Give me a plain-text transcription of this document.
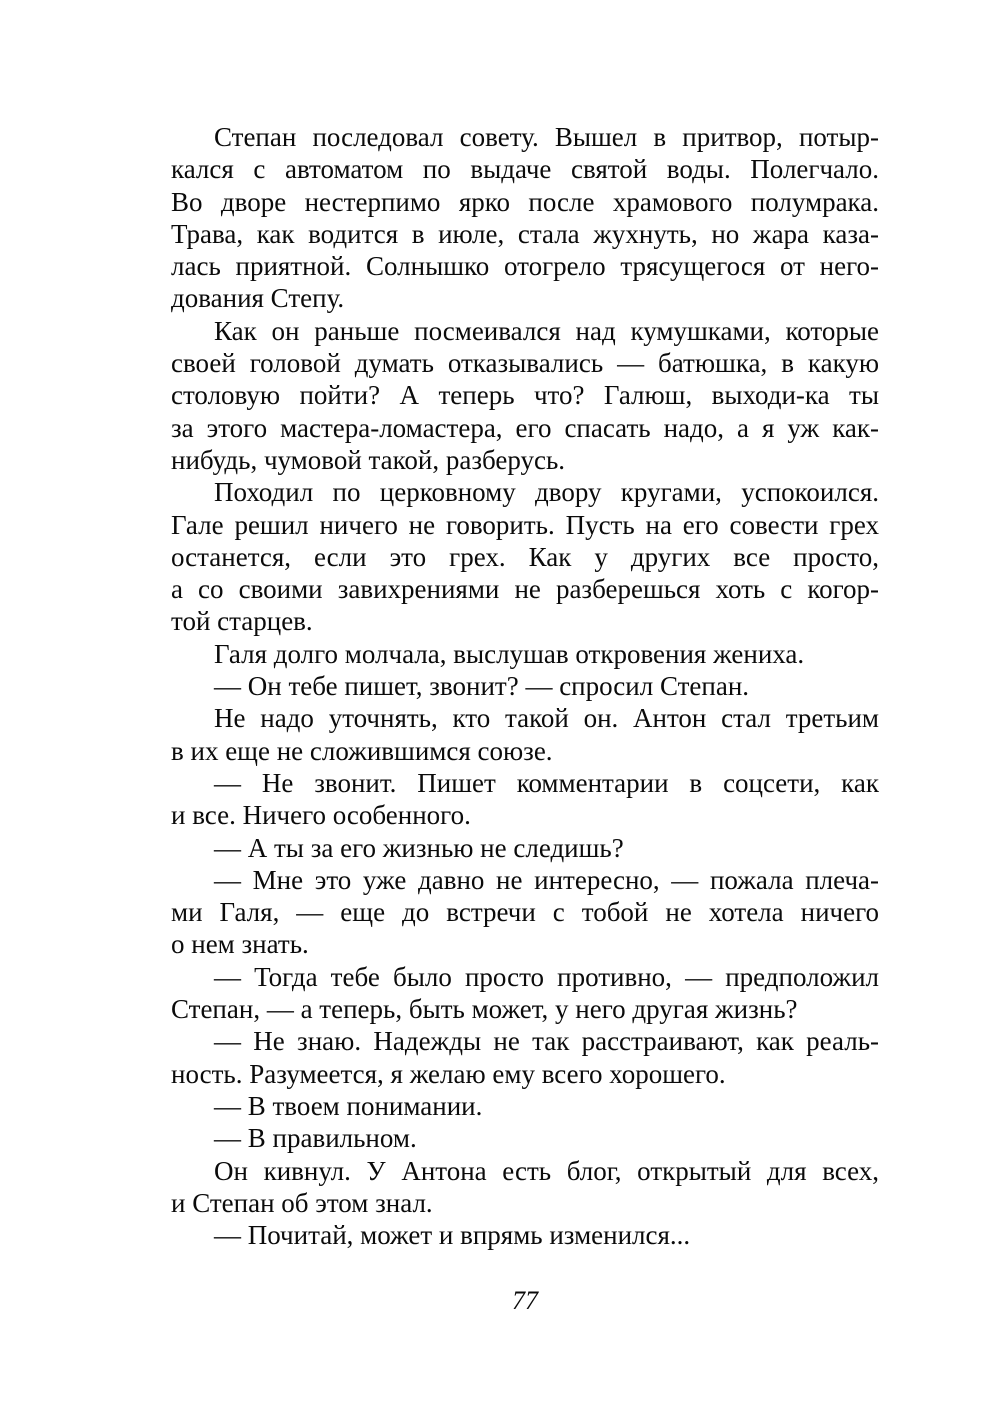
Степан последовал совету. Вышел в притвор, потыр-
кался с автоматом по выдаче святой воды. Полегчало.
Во дворе нестерпимо ярко после храмового полумрака.
Трава, как водится в июле, стала жухнуть, но жара каза-
лась приятной. Солнышко отогрело трясущегося от него-
дования Степу.

Как он раньше посмеивался над кумушками, которые
своей головой думать отказывались — батюшка, в какую
столовую пойти? А теперь что? Галюш, выходи-ка ты
за этого мастера-ломастера, его спасать надо, а я уж как-
нибудь, чумовой такой, разберусь.

Походил по церковному двору кругами, успокоился.
Гале решил ничего не говорить. Пусть на его совести грех
останется, если это грех. Как у других все просто,
а со своими завихрениями не разберешься хоть с когор-
той старцев.

Галя долго молчала, выслушав откровения жениха.

— Он тебе пишет, звонит? — спросил Степан.

Не надо уточнять, кто такой он. Антон стал третьим
в их еще не сложившимся союзе.

— Не звонит. Пишет комментарии в соцсети, как
и все. Ничего особенного.

— А ты за его жизнью не следишь?

— Мне это уже давно не интересно, — пожала плеча-
ми Галя, — еще до встречи с тобой не хотела ничего
о нем знать.

— Тогда тебе было просто противно, — предположил
Степан, — а теперь, быть может, у него другая жизнь?

— Не знаю. Надежды не так расстраивают, как реаль-
ность. Разумеется, я желаю ему всего хорошего.

— В твоем понимании.

— В правильном.

Он кивнул. У Антона есть блог, открытый для всех,
и Степан об этом знал.

— Почитай, может и впрямь изменился...

77
